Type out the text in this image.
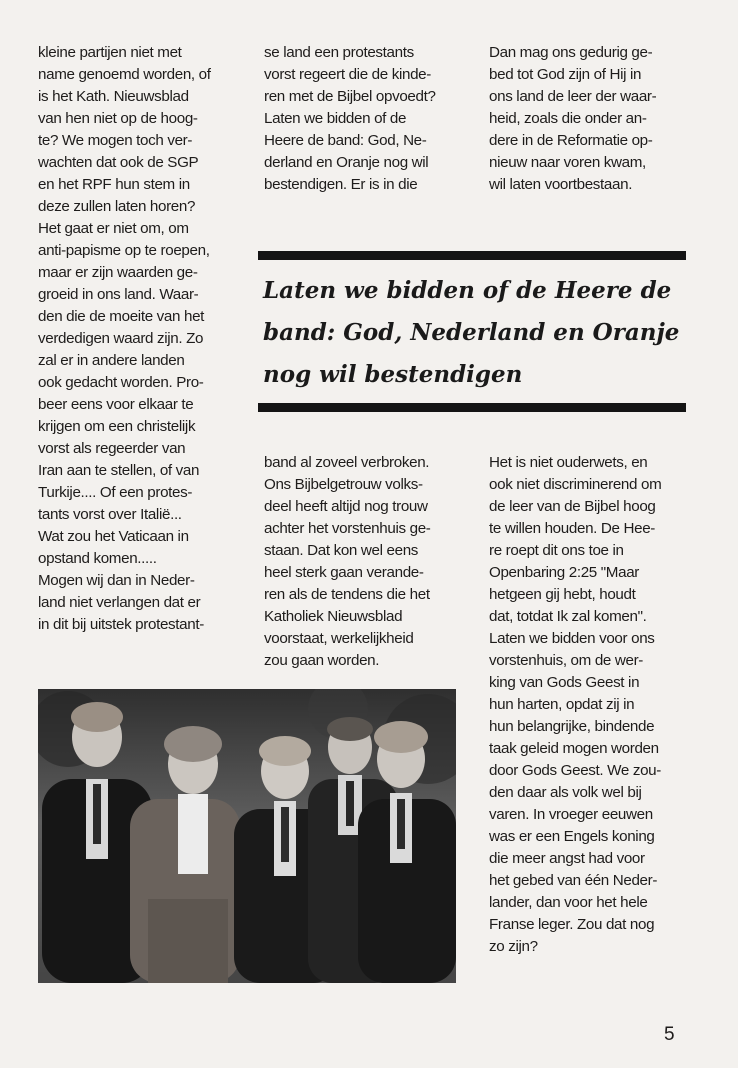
kleine partijen niet met
name genoemd worden, of
is het Kath. Nieuwsblad
van hen niet op de hoog-
te? We mogen toch ver-
wachten dat ook de SGP
en het RPF hun stem in
deze zullen laten horen?
Het gaat er niet om, om
anti-papisme op te roepen,
maar er zijn waarden ge-
groeid in ons land. Waar-
den die de moeite van het
verdedigen waard zijn. Zo
zal er in andere landen
ook gedacht worden. Pro-
beer eens voor elkaar te
krijgen om een christelijk
vorst als regeerder van
Iran aan te stellen, of van
Turkije.... Of een protes-
tants vorst over Italië...
Wat zou het Vaticaan in
opstand komen.....
Mogen wij dan in Neder-
land niet verlangen dat er
in dit bij uitstek protestant-
se land een protestants
vorst regeert die de kinde-
ren met de Bijbel opvoedt?
Laten we bidden of de
Heere de band: God, Ne-
derland en Oranje nog wil
bestendigen. Er is in die
Dan mag ons gedurig ge-
bed tot God zijn of Hij in
ons land de leer der waar-
heid, zoals die onder an-
dere in de Reformatie op-
nieuw naar voren kwam,
wil laten voortbestaan.
Laten we bidden of de Heere de
band: God, Nederland en Oranje
nog wil bestendigen
band al zoveel verbroken.
Ons Bijbelgetrouw volks-
deel heeft altijd nog trouw
achter het vorstenhuis ge-
staan. Dat kon wel eens
heel sterk gaan verande-
ren als de tendens die het
Katholiek Nieuwsblad
voorstaat, werkelijkheid
zou gaan worden.
Het is niet ouderwets, en
ook niet discriminerend om
de leer van de Bijbel hoog
te willen houden. De Hee-
re roept dit ons toe in
Openbaring 2:25 "Maar
hetgeen gij hebt, houdt
dat, totdat Ik zal komen".
Laten we bidden voor ons
vorstenhuis, om de wer-
king van Gods Geest in
hun harten, opdat zij in
hun belangrijke, bindende
taak geleid mogen worden
door Gods Geest. We zou-
den daar als volk wel bij
varen. In vroeger eeuwen
was er een Engels koning
die meer angst had voor
het gebed van één Neder-
lander, dan voor het hele
Franse leger. Zou dat nog
zo zijn?
5
